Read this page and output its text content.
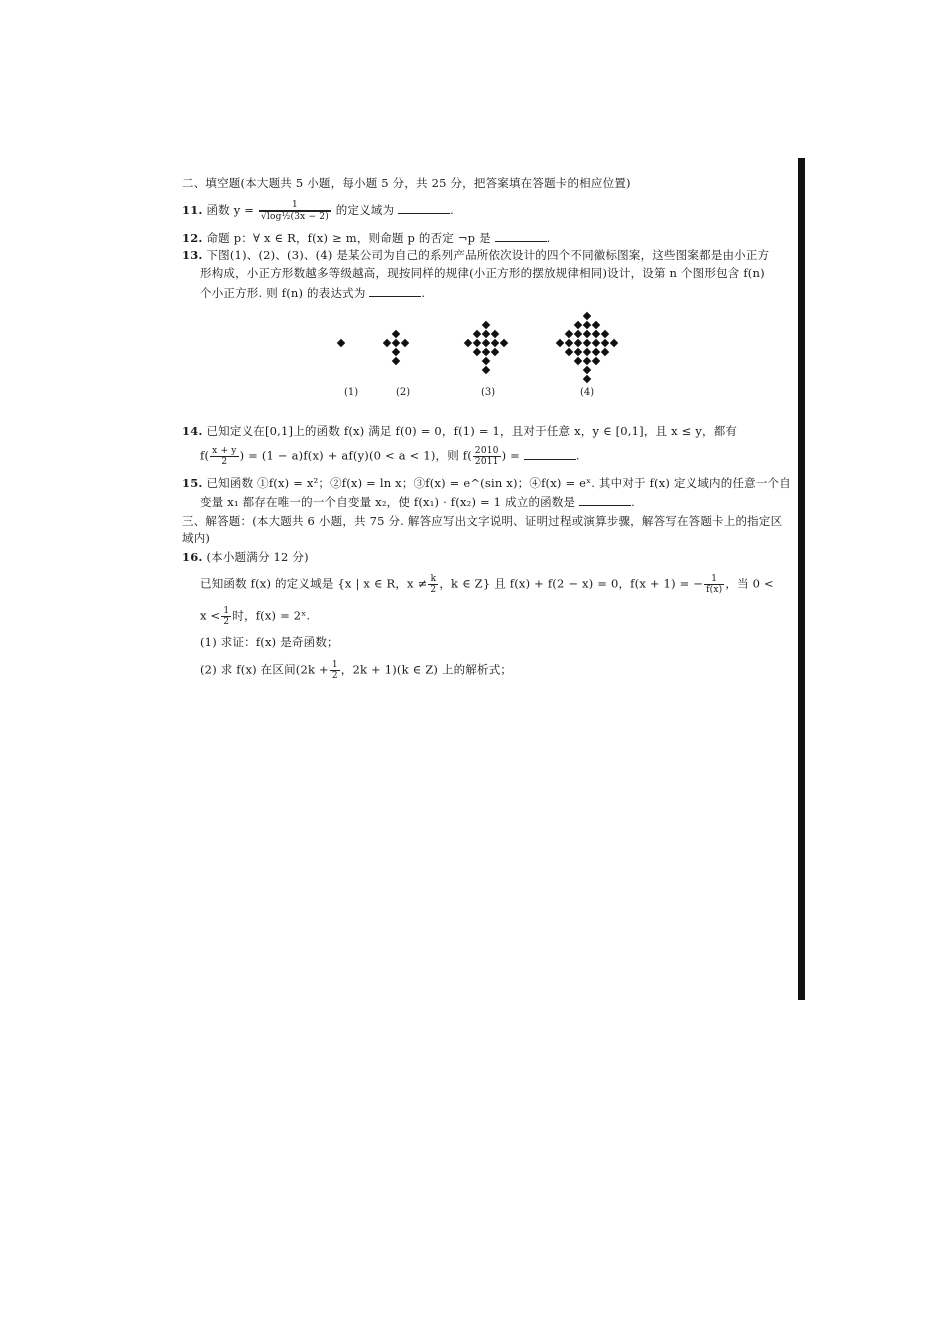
二、填空题(本大题共 5 小题，每小题 5 分，共 25 分，把答案填在答题卡的相应位置)
11. 函数 $y = \frac{1}{\text{√log½(3x − 2)}}$ 的定义域为	.
12. 命题 p：∀ x ∈ R，f(x) ≥ m，则命题 p 的否定 ¬p 是	.
13. 下图(1)、(2)、(3)、(4) 是某公司为自己的系列产品所依次设计的四个不同徽标图案，这些图案都是由小正方
形构成，小正方形数越多等级越高，现按同样的规律(小正方形的摆放规律相同)设计，设第 n 个图形包含 f(n)
个小正方形. 则 f(n) 的表达式为	.
(1)	(2)	(3)	(4)
14. 已知定义在[0,1]上的函数 f(x) 满足 f(0) = 0，f(1) = 1，且对于任意 x，y ∈ [0,1]，且 x ≤ y，都有
$f( \frac{x + y}{2}$ ) = (1 − a)f(x) + af(y)(0 < a < 1)，则 $f( \frac{2010}{2011}$ ) =	.
15. 已知函数 ①f(x) = x²；②f(x) = ln x；③f(x) = e^(sin x)；④f(x) = eˣ. 其中对于 f(x) 定义域内的任意一个自
变量 x₁ 都存在唯一的一个自变量 x₂，使 f(x₁) · f(x₂) = 1 成立的函数是	.
三、解答题：(本大题共 6 小题，共 75 分. 解答应写出文字说明、证明过程或演算步骤，解答写在答题卡上的指定区
域内)
16. (本小题满分 12 分)
已知函数 f(x) 的定义域是 {x | x ∈ R，$x \ne \frac{k}{2}$ ，k ∈ Z} 且 f(x) + f(2 − x) = 0，f(x + 1) = − $\frac{1}{f(x)}$ ，当 0 <
$x < \frac{1}{2}$ 时，f(x) = 2ˣ.
(1) 求证：f(x) 是奇函数；
(2) 求 f(x) 在区间($2k + \frac{1}{2}$ ，2k + 1)(k ∈ Z) 上的解析式；
